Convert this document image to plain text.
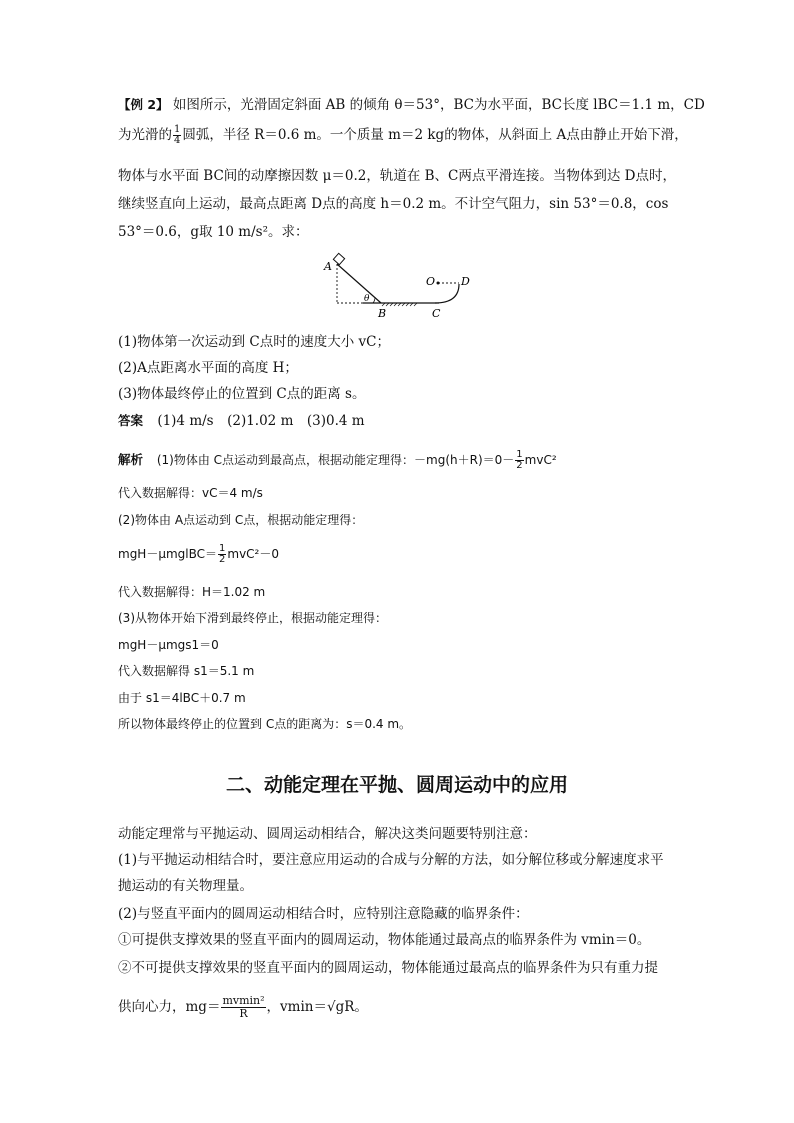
【例 2】 如图所示，光滑固定斜面 AB 的倾角 θ＝53°，BC为水平面，BC长度 lBC＝1.1 m，CD
为光滑的 $\frac{1}{4}$ 圆弧，半径 R＝0.6 m。一个质量 m＝2 kg的物体，从斜面上 A点由静止开始下滑，
物体与水平面 BC间的动摩擦因数 μ＝0.2，轨道在 B、C两点平滑连接。当物体到达 D点时，
继续竖直向上运动，最高点距离 D点的高度 h＝0.2 m。不计空气阻力，sin 53°＝0.8，cos
53°＝0.6，g取 10 m/s²。求：
A
B	C
D
O
θ
(1)物体第一次运动到 C点时的速度大小 vC；
(2)A点距离水平面的高度 H；
(3)物体最终停止的位置到 C点的距离 s。
答案 (1)4 m/s　(2)1.02 m　(3)0.4 m
解析 (1)物体由 C点运动到最高点，根据动能定理得：$-mg(h+R)=0- \frac{1}{2} mvC^2$
代入数据解得：vC＝4 m/s
(2)物体由 A点运动到 C点，根据动能定理得：
mgH－μmglBC＝ $\frac{1}{2} mvC^2-0$
代入数据解得：H＝1.02 m
(3)从物体开始下滑到最终停止，根据动能定理得：
mgH－μmgs1＝0
代入数据解得 s1＝5.1 m
由于 s1＝4lBC＋0.7 m
所以物体最终停止的位置到 C点的距离为：s＝0.4 m。
二、动能定理在平抛、圆周运动中的应用
动能定理常与平抛运动、圆周运动相结合，解决这类问题要特别注意：
(1)与平抛运动相结合时，要注意应用运动的合成与分解的方法，如分解位移或分解速度求平
抛运动的有关物理量。
(2)与竖直平面内的圆周运动相结合时，应特别注意隐藏的临界条件：
①可提供支撑效果的竖直平面内的圆周运动，物体能通过最高点的临界条件为 vmin＝0。
②不可提供支撑效果的竖直平面内的圆周运动，物体能通过最高点的临界条件为只有重力提
供向心力，$mg= \frac{\text{mvmin²}}{R}$ ，vmin＝√gR。
